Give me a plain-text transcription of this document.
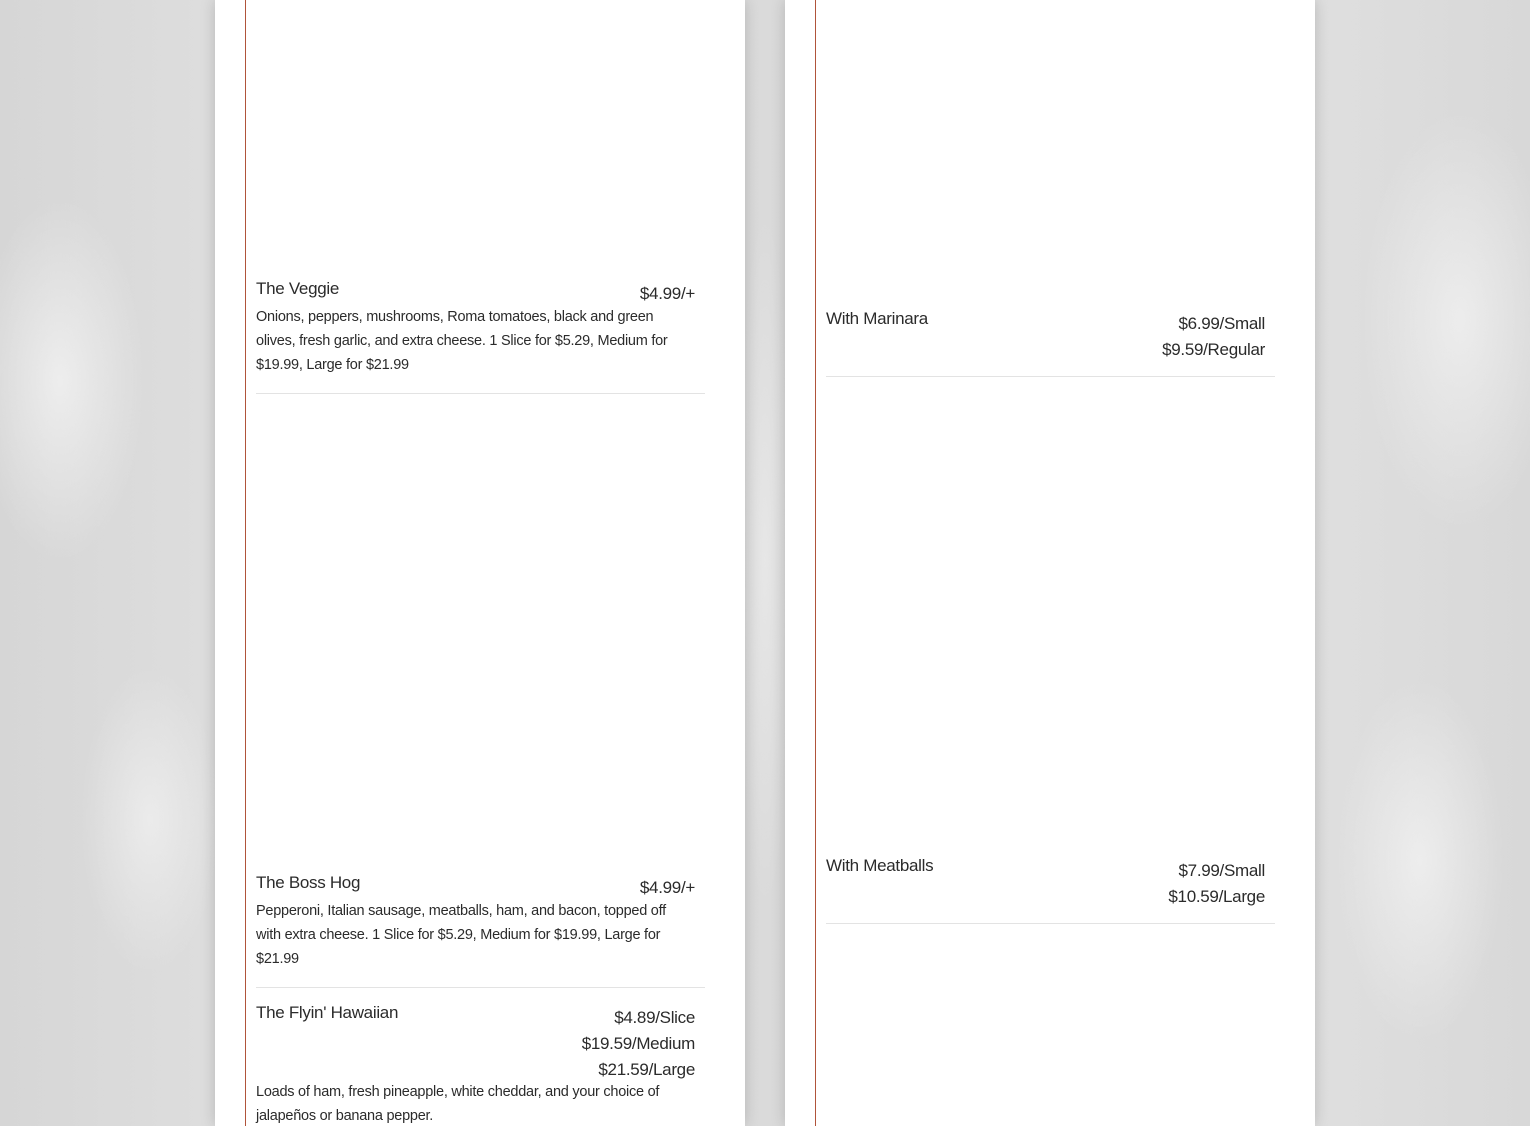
The Veggie	$4.99/+
Onions, peppers, mushrooms, Roma tomatoes, black and green olives, fresh garlic, and extra cheese. 1 Slice for $5.29, Medium for $19.99, Large for $21.99
The Boss Hog	$4.99/+
Pepperoni, Italian sausage, meatballs, ham, and bacon, topped off with extra cheese. 1 Slice for $5.29, Medium for $19.99, Large for $21.99
The Flyin' Hawaiian	$4.89/Slice
$19.59/Medium
$21.59/Large
Loads of ham, fresh pineapple, white cheddar, and your choice of jalapeños or banana pepper.
With Marinara	$6.99/Small
$9.59/Regular
With Meatballs	$7.99/Small
$10.59/Large
